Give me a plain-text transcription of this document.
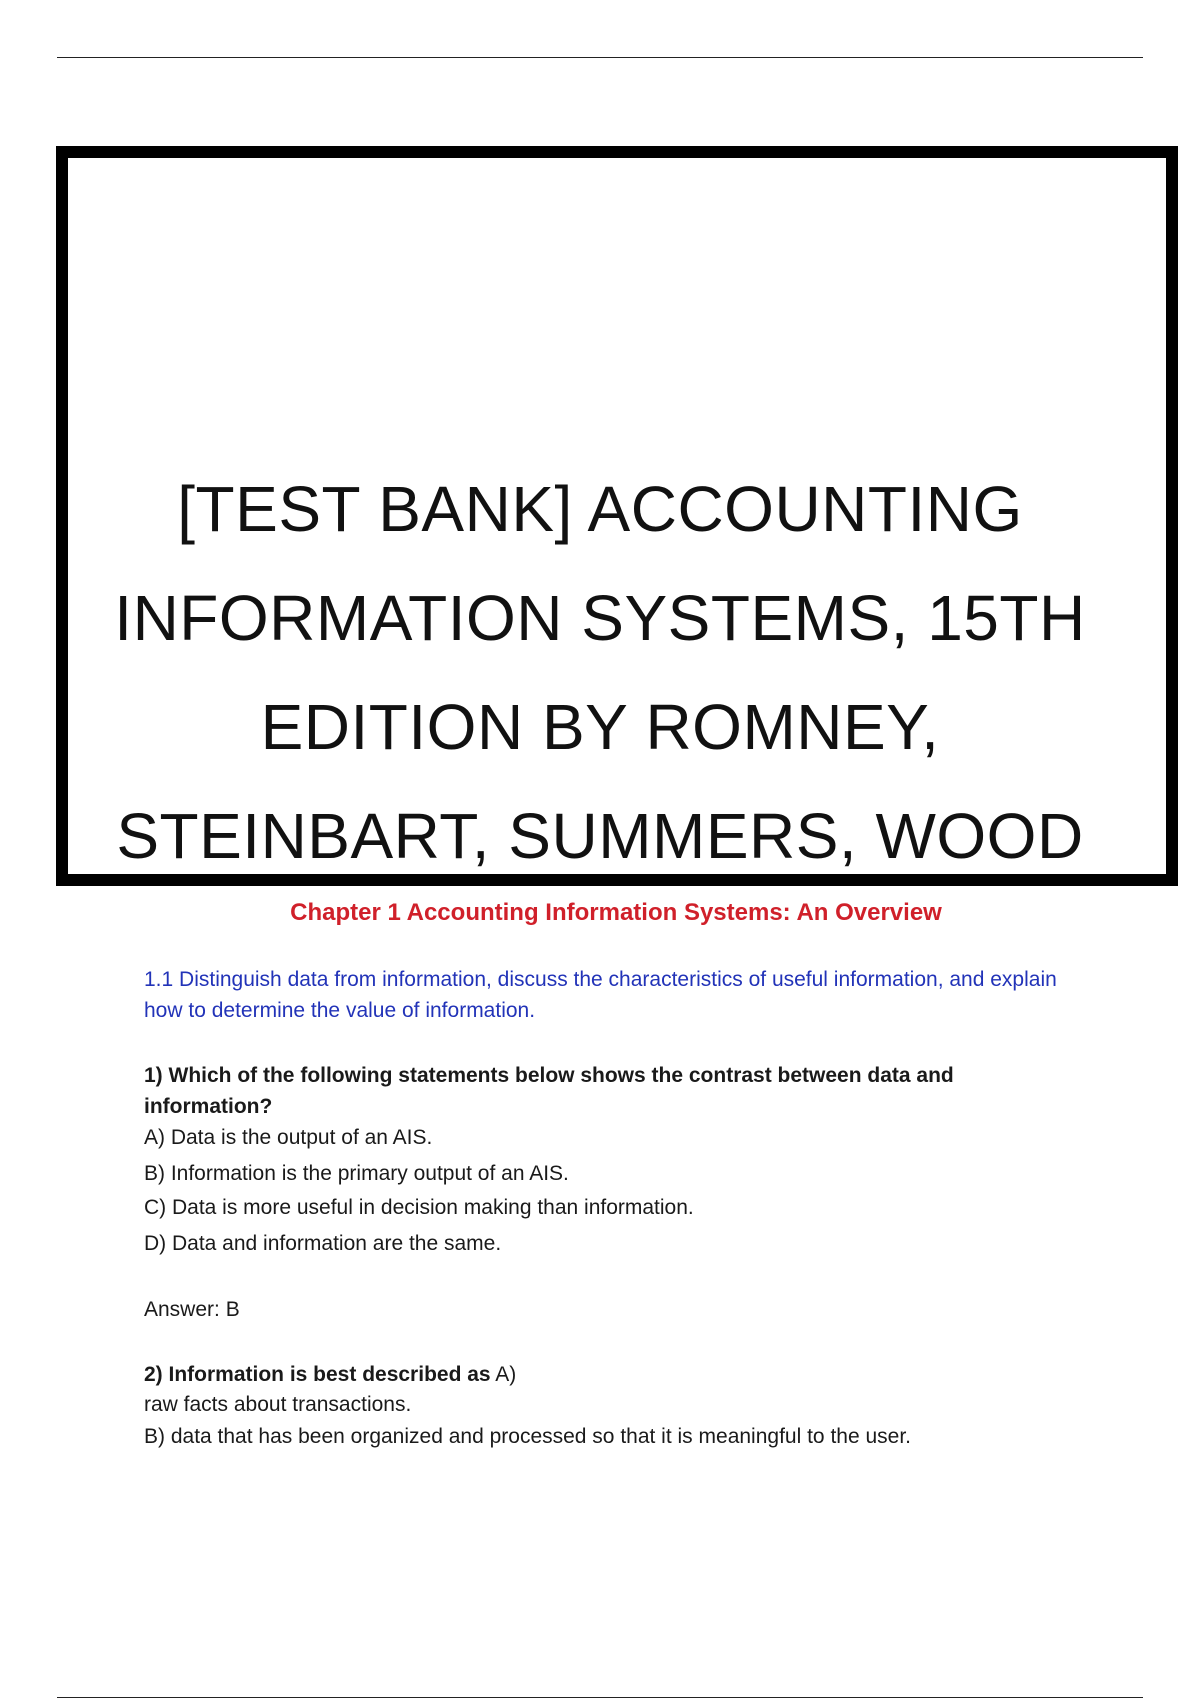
[TEST BANK] ACCOUNTING
INFORMATION SYSTEMS, 15TH
EDITION BY ROMNEY,
STEINBART, SUMMERS, WOOD
Chapter 1 Accounting Information Systems: An Overview
1.1 Distinguish data from information, discuss the characteristics of useful information, and explain how to determine the value of information.
1) Which of the following statements below shows the contrast between data and information?
A) Data is the output of an AIS.
B) Information is the primary output of an AIS.
C) Data is more useful in decision making than information.
D) Data and information are the same.
Answer: B
2) Information is best described as A)
raw facts about transactions.
B) data that has been organized and processed so that it is meaningful to the user.
